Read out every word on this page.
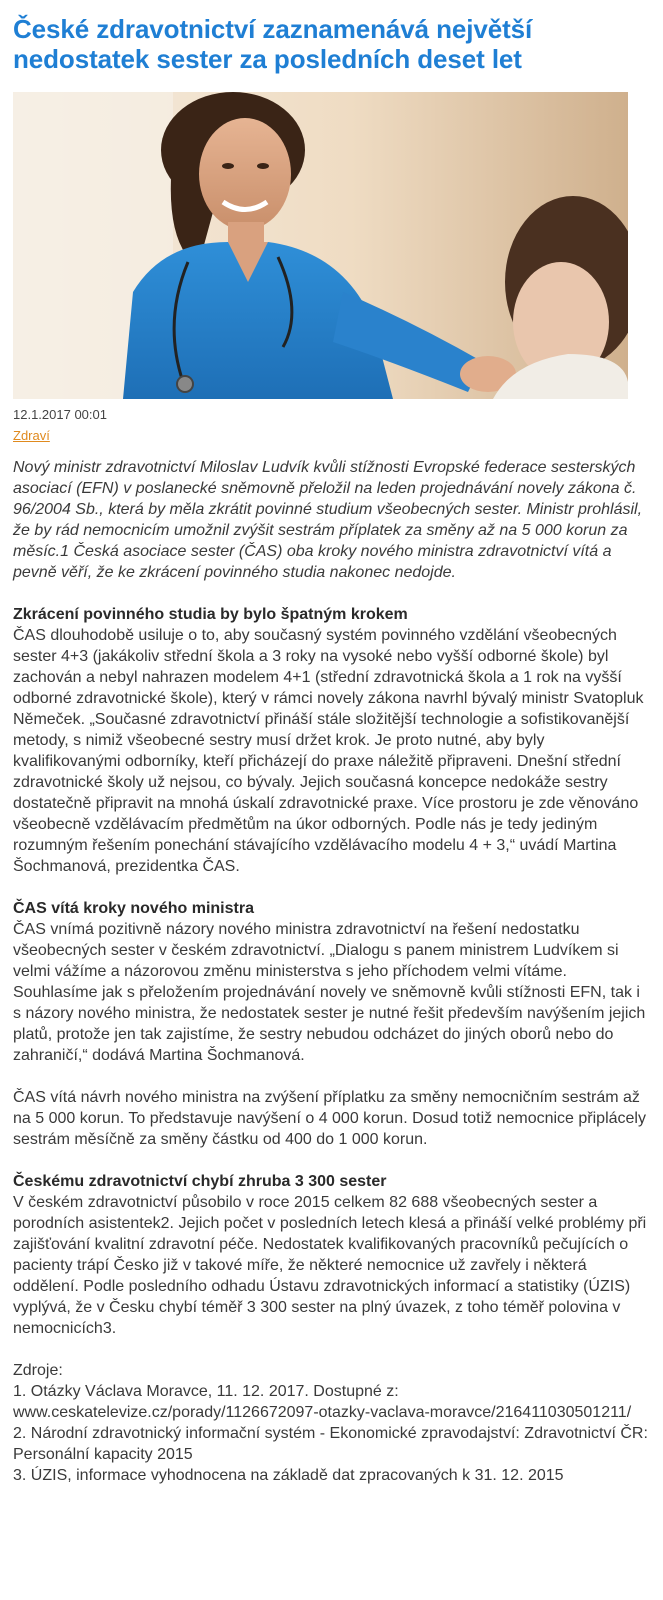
České zdravotnictví zaznamenává největší nedostatek sester za posledních deset let
12.1.2017 00:01
Zdraví
Nový ministr zdravotnictví Miloslav Ludvík kvůli stížnosti Evropské federace sesterských asociací (EFN) v poslanecké sněmovně přeložil na leden projednávání novely zákona č. 96/2004 Sb., která by měla zkrátit povinné studium všeobecných sester. Ministr prohlásil, že by rád nemocnicím umožnil zvýšit sestrám příplatek za směny až na 5 000 korun za měsíc.1 Česká asociace sester (ČAS) oba kroky nového ministra zdravotnictví vítá a pevně věří, že ke zkrácení povinného studia nakonec nedojde.
Zkrácení povinného studia by bylo špatným krokem

ČAS dlouhodobě usiluje o to, aby současný systém povinného vzdělání všeobecných sester 4+3 (jakákoliv střední škola a 3 roky na vysoké nebo vyšší odborné škole) byl zachován a nebyl nahrazen modelem 4+1 (střední zdravotnická škola a 1 rok na vyšší odborné zdravotnické škole), který v rámci novely zákona navrhl bývalý ministr Svatopluk Němeček. „Současné zdravotnictví přináší stále složitější technologie a sofistikovanější metody, s nimiž všeobecné sestry musí držet krok. Je proto nutné, aby byly kvalifikovanými odborníky, kteří přicházejí do praxe náležitě připraveni. Dnešní střední zdravotnické školy už nejsou, co bývaly. Jejich současná koncepce nedokáže sestry dostatečně připravit na mnohá úskalí zdravotnické praxe. Více prostoru je zde věnováno všeobecně vzdělávacím předmětům na úkor odborných. Podle nás je tedy jediným rozumným řešením ponechání stávajícího vzdělávacího modelu 4 + 3,“ uvádí Martina Šochmanová, prezidentka ČAS.

ČAS vítá kroky nového ministra

ČAS vnímá pozitivně názory nového ministra zdravotnictví na řešení nedostatku všeobecných sester v českém zdravotnictví. „Dialogu s panem ministrem Ludvíkem si velmi vážíme a názorovou změnu ministerstva s jeho příchodem velmi vítáme. Souhlasíme jak s přeložením projednávání novely ve sněmovně kvůli stížnosti EFN, tak i s názory nového ministra, že nedostatek sester je nutné řešit především navýšením jejich platů, protože jen tak zajistíme, že sestry nebudou odcházet do jiných oborů nebo do zahraničí,“ dodává Martina Šochmanová.

ČAS vítá návrh nového ministra na zvýšení příplatku za směny nemocničním sestrám až na 5 000 korun. To představuje navýšení o 4 000 korun. Dosud totiž nemocnice připlácely sestrám měsíčně za směny částku od 400 do 1 000 korun.

Českému zdravotnictví chybí zhruba 3 300 sester

V českém zdravotnictví působilo v roce 2015 celkem 82 688 všeobecných sester a porodních asistentek2. Jejich počet v posledních letech klesá a přináší velké problémy při zajišťování kvalitní zdravotní péče. Nedostatek kvalifikovaných pracovníků pečujících o pacienty trápí Česko již v takové míře, že některé nemocnice už zavřely i některá oddělení. Podle posledního odhadu Ústavu zdravotnických informací a statistiky (ÚZIS) vyplývá, že v Česku chybí téměř 3 300 sester na plný úvazek, z toho téměř polovina v nemocnicích3.

Zdroje:
1. Otázky Václava Moravce, 11. 12. 2017. Dostupné z: www.ceskatelevize.cz/porady/1126672097-otazky-vaclava-moravce/216411030501211/
2. Národní zdravotnický informační systém - Ekonomické zpravodajství: Zdravotnictví ČR: Personální kapacity 2015
3. ÚZIS, informace vyhodnocena na základě dat zpracovaných k 31. 12. 2015
